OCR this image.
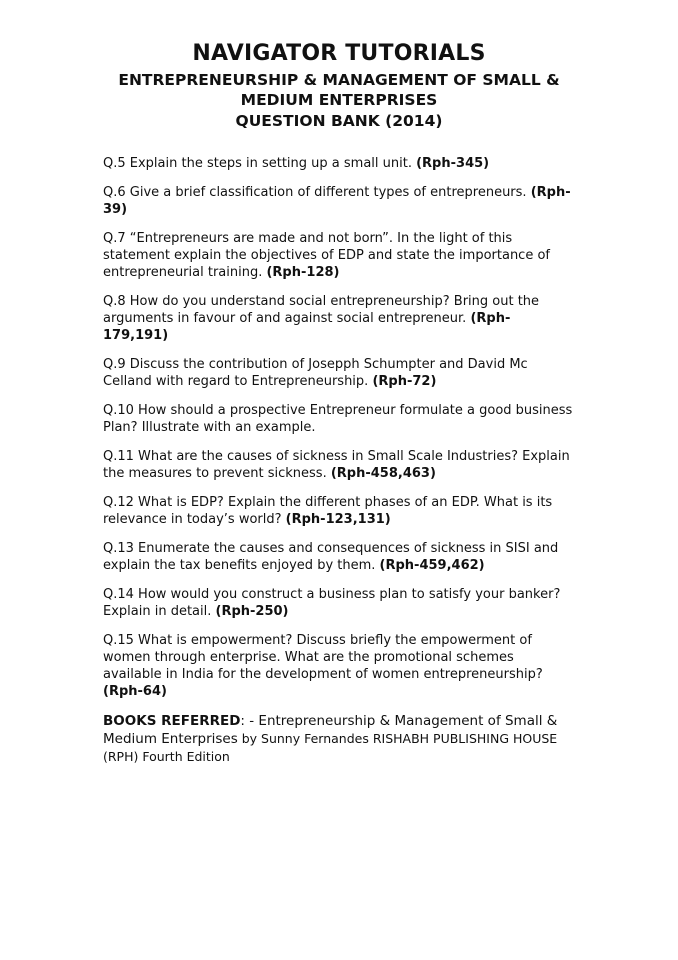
NAVIGATOR TUTORIALS

ENTREPRENEURSHIP & MANAGEMENT OF SMALL & MEDIUM ENTERPRISES

QUESTION BANK (2014)

Q.5 Explain the steps in setting up a small unit. (Rph-345)

Q.6 Give a brief classification of different types of entrepreneurs. (Rph-39)

Q.7 “Entrepreneurs are made and not born”. In the light of this statement explain the objectives of EDP and state the importance of entrepreneurial training. (Rph-128)

Q.8 How do you understand social entrepreneurship? Bring out the arguments in favour of and against social entrepreneur. (Rph-179,191)

Q.9 Discuss the contribution of Josepph Schumpter and David Mc Celland with regard to Entrepreneurship. (Rph-72)

Q.10 How should a prospective Entrepreneur formulate a good business Plan? Illustrate with an example.

Q.11 What are the causes of sickness in Small Scale Industries? Explain the measures to prevent sickness. (Rph-458,463)

Q.12 What is EDP? Explain the different phases of an EDP. What is its relevance in today’s world? (Rph-123,131)

Q.13 Enumerate the causes and consequences of sickness in SISI and explain the tax benefits enjoyed by them. (Rph-459,462)

Q.14 How would you construct a business plan to satisfy your banker? Explain in detail. (Rph-250)

Q.15 What is empowerment? Discuss briefly the empowerment of women through enterprise. What are the promotional schemes available in India for the development of women entrepreneurship? (Rph-64)

BOOKS REFERRED: - Entrepreneurship & Management of Small & Medium Enterprises by Sunny Fernandes RISHABH PUBLISHING HOUSE (RPH) Fourth Edition
